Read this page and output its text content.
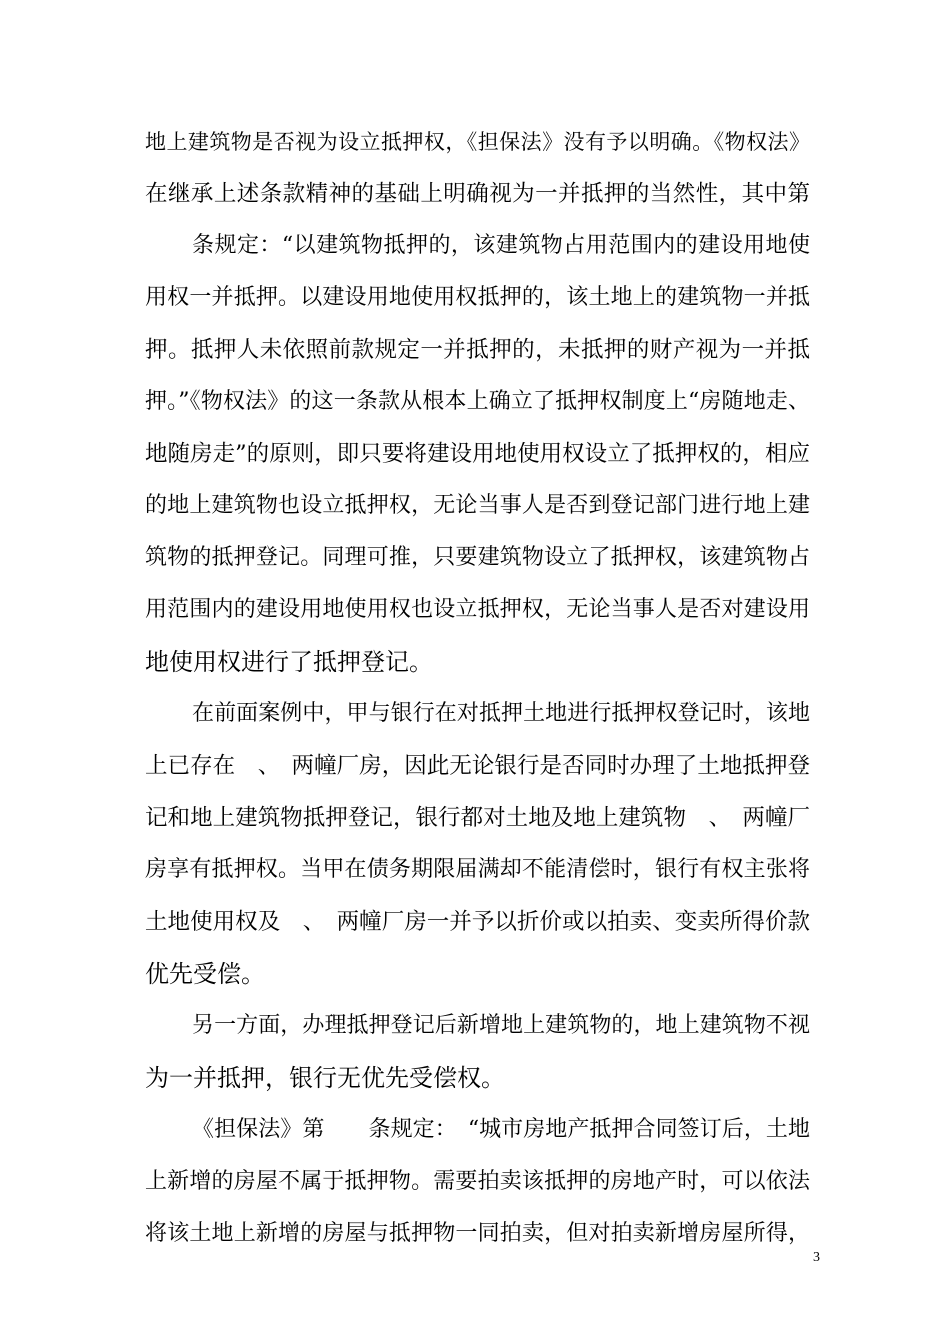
地上建筑物是否视为设立抵押权，《担保法》没有予以明确。《物权法》
在继承上述条款精神的基础上明确视为一并抵押的当然性，其中第
条规定：“以建筑物抵押的，该建筑物占用范围内的建设用地使
用权一并抵押。以建设用地使用权抵押的，该土地上的建筑物一并抵
押。抵押人未依照前款规定一并抵押的，未抵押的财产视为一并抵
押。”《物权法》的这一条款从根本上确立了抵押权制度上“房随地走、
地随房走”的原则，即只要将建设用地使用权设立了抵押权的，相应
的地上建筑物也设立抵押权，无论当事人是否到登记部门进行地上建
筑物的抵押登记。同理可推，只要建筑物设立了抵押权，该建筑物占
用范围内的建设用地使用权也设立抵押权，无论当事人是否对建设用
地使用权进行了抵押登记。
在前面案例中，甲与银行在对抵押土地进行抵押权登记时，该地
上已存在　、　两幢厂房，因此无论银行是否同时办理了土地抵押登
记和地上建筑物抵押登记，银行都对土地及地上建筑物　、　两幢厂
房享有抵押权。当甲在债务期限届满却不能清偿时，银行有权主张将
土地使用权及　、　两幢厂房一并予以折价或以拍卖、变卖所得价款
优先受偿。
另一方面，办理抵押登记后新增地上建筑物的，地上建筑物不视
为一并抵押，银行无优先受偿权。
《担保法》第　　条规定：　“城市房地产抵押合同签订后，土地
上新增的房屋不属于抵押物。需要拍卖该抵押的房地产时，可以依法
将该土地上新增的房屋与抵押物一同拍卖，但对拍卖新增房屋所得，
3
